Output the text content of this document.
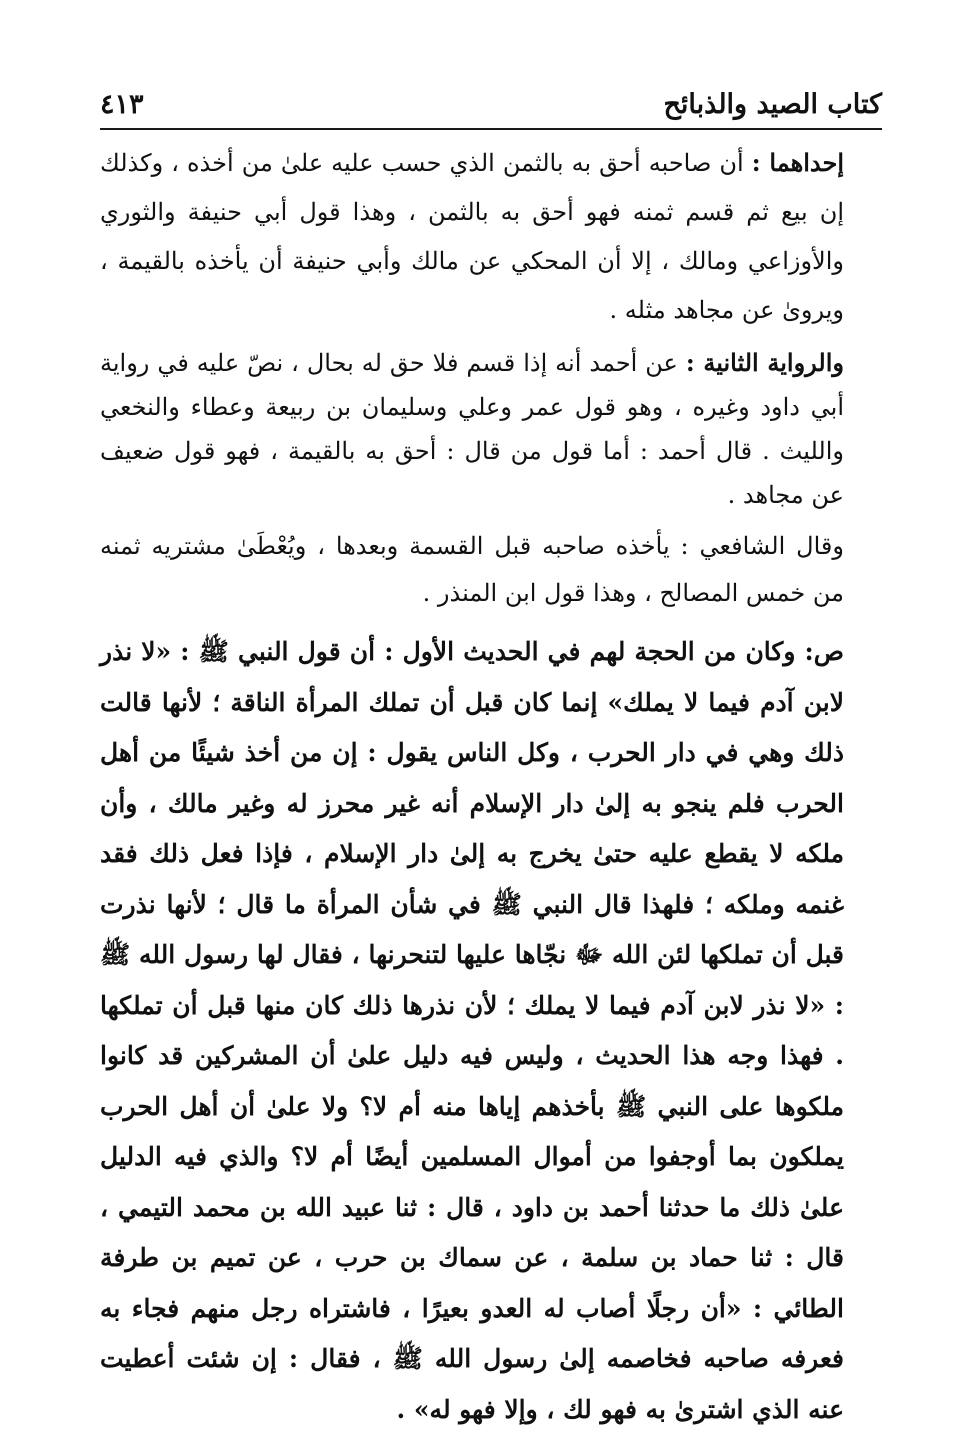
كتاب الصيد والذبائح
٤١٣

إحداهما : أن صاحبه أحق به بالثمن الذي حسب عليه علىٰ من أخذه ، وكذلك إن بيع ثم قسم ثمنه فهو أحق به بالثمن ، وهذا قول أبي حنيفة والثوري والأوزاعي ومالك ، إلا أن المحكي عن مالك وأبي حنيفة أن يأخذه بالقيمة ، ويرویٰ عن مجاهد مثله .

والرواية الثانية : عن أحمد أنه إذا قسم فلا حق له بحال ، نصّ عليه في رواية أبي داود وغيره ، وهو قول عمر وعلي وسليمان بن ربيعة وعطاء والنخعي والليث . قال أحمد : أما قول من قال : أحق به بالقيمة ، فهو قول ضعيف عن مجاهد .

وقال الشافعي : يأخذه صاحبه قبل القسمة وبعدها ، ويُعْطَىٰ مشتريه ثمنه من خمس المصالح ، وهذا قول ابن المنذر .

ص: وكان من الحجة لهم في الحديث الأول : أن قول النبي ﷺ : «لا نذر لابن آدم فيما لا يملك» إنما كان قبل أن تملك المرأة الناقة ؛ لأنها قالت ذلك وهي في دار الحرب ، وكل الناس يقول : إن من أخذ شيئًا من أهل الحرب فلم ينجو به إلىٰ دار الإسلام أنه غير محرز له وغير مالك ، وأن ملكه لا يقطع عليه حتىٰ يخرج به إلىٰ دار الإسلام ، فإذا فعل ذلك فقد غنمه وملكه ؛ فلهذا قال النبي ﷺ في شأن المرأة ما قال ؛ لأنها نذرت قبل أن تملكها لئن الله ﷻ نجّاها عليها لتنحرنها ، فقال لها رسول الله ﷺ : «لا نذر لابن آدم فيما لا يملك ؛ لأن نذرها ذلك كان منها قبل أن تملكها . فهذا وجه هذا الحديث ، وليس فيه دليل علىٰ أن المشركين قد كانوا ملكوها على النبي ﷺ بأخذهم إياها منه أم لا؟ ولا علىٰ أن أهل الحرب يملكون بما أوجفوا من أموال المسلمين أيضًا أم لا؟ والذي فيه الدليل علىٰ ذلك ما حدثنا أحمد بن داود ، قال : ثنا عبيد الله بن محمد التيمي ، قال : ثنا حماد بن سلمة ، عن سماك بن حرب ، عن تميم بن طرفة الطائي : «أن رجلًا أصاب له العدو بعيرًا ، فاشتراه رجل منهم فجاء به فعرفه صاحبه فخاصمه إلىٰ رسول الله ﷺ ، فقال : إن شئت أعطيت عنه الذي اشترىٰ به فهو لك ، وإلا فهو له» .
